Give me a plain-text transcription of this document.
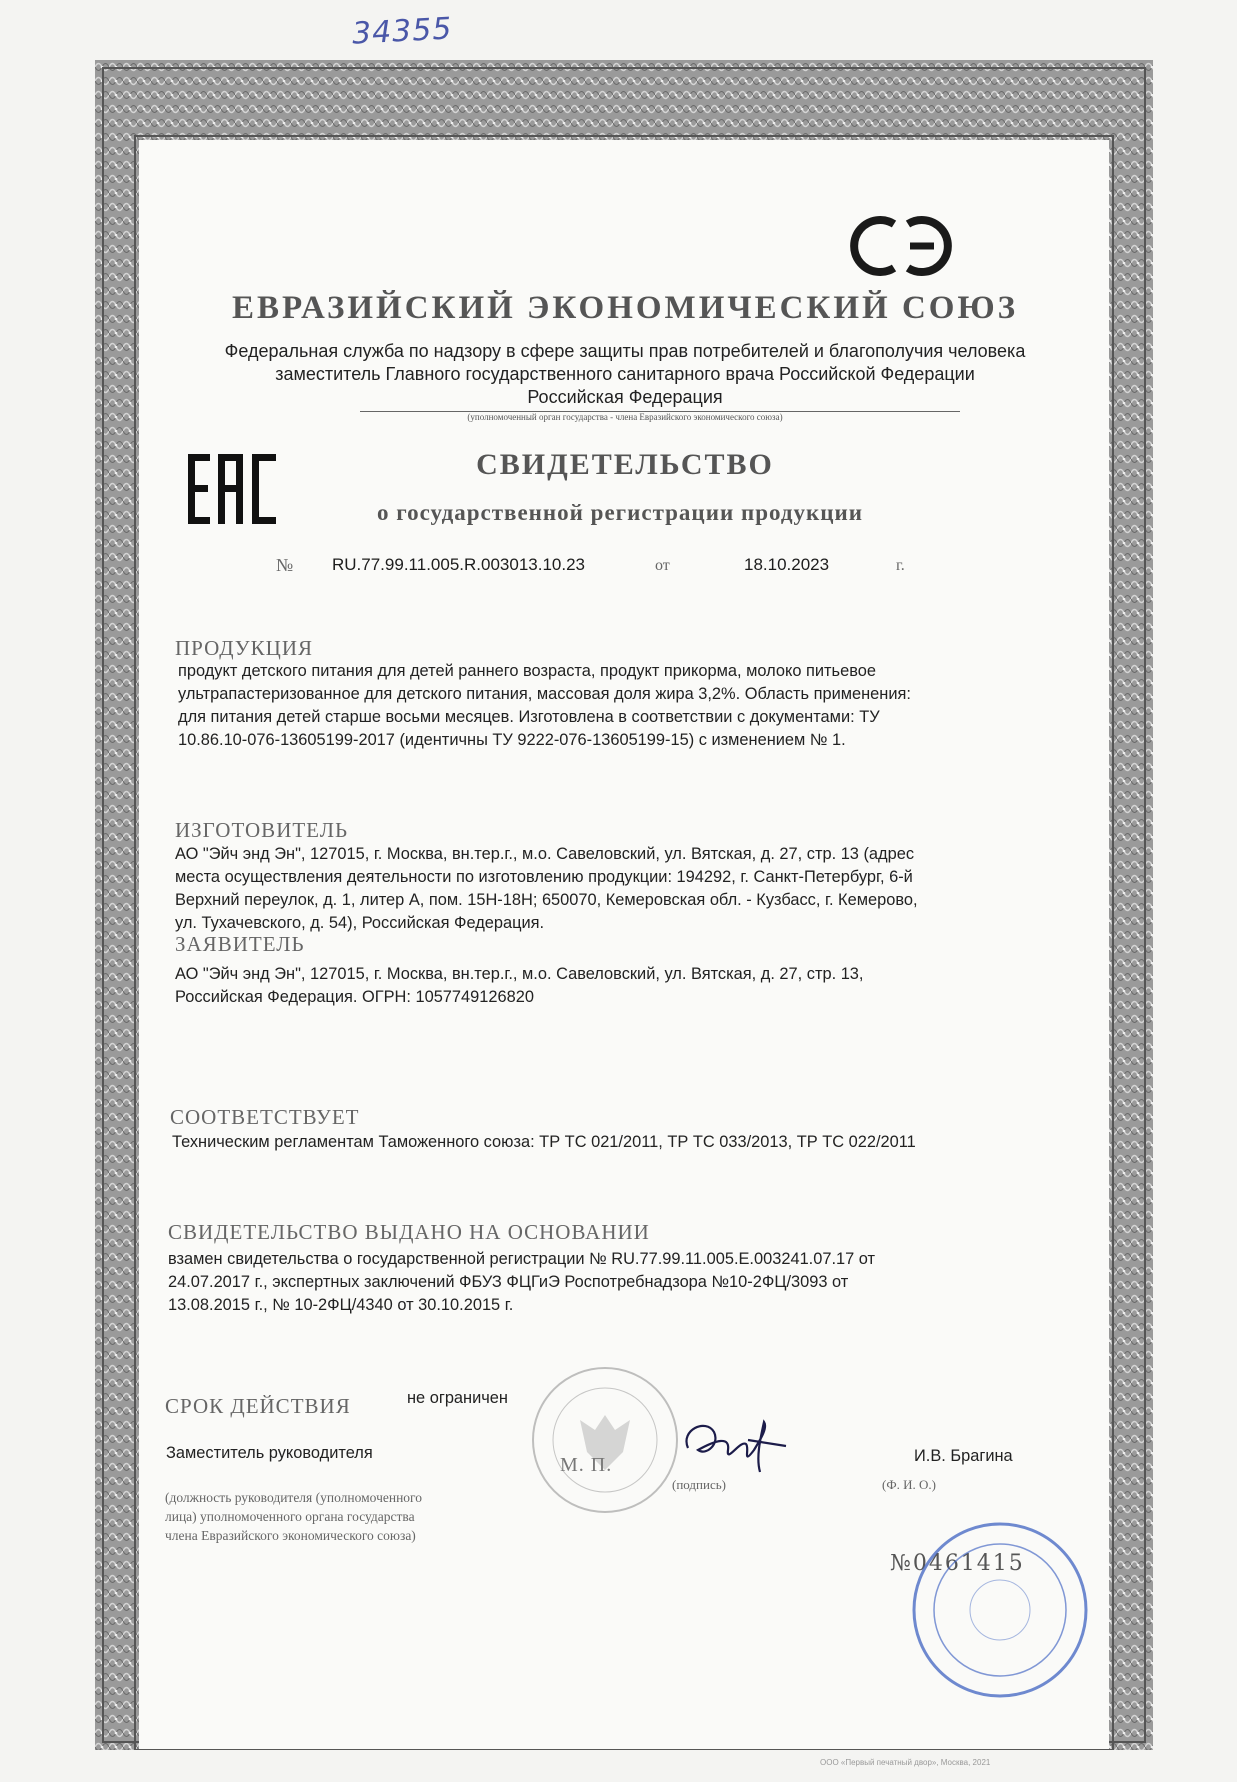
34355
ЕВРАЗИЙСКИЙ ЭКОНОМИЧЕСКИЙ СОЮЗ
Федеральная служба по надзору в сфере защиты прав потребителей и благополучия человека
заместитель Главного государственного санитарного врача Российской Федерации
Российская Федерация
(уполномоченный орган государства - члена Евразийского экономического союза)
СВИДЕТЕЛЬСТВО
о государственной регистрации продукции
№ RU.77.99.11.005.R.003013.10.23	от	18.10.2023	г.
ПРОДУКЦИЯ
продукт детского питания для детей раннего возраста, продукт прикорма, молоко питьевое
ультрапастеризованное для детского питания, массовая доля жира 3,2%. Область применения:
для питания детей старше восьми месяцев. Изготовлена в соответствии с документами: ТУ
10.86.10-076-13605199-2017 (идентичны ТУ 9222-076-13605199-15) с изменением № 1.
ИЗГОТОВИТЕЛЬ
АО "Эйч энд Эн", 127015, г. Москва, вн.тер.г., м.о. Савеловский, ул. Вятская, д. 27, стр. 13 (адрес
места осуществления деятельности по изготовлению продукции: 194292, г. Санкт-Петербург, 6-й
Верхний переулок, д. 1, литер А, пом. 15Н-18Н; 650070, Кемеровская обл. - Кузбасс, г. Кемерово,
ул. Тухачевского, д. 54), Российская Федерация.
ЗАЯВИТЕЛЬ
АО "Эйч энд Эн", 127015, г. Москва, вн.тер.г., м.о. Савеловский, ул. Вятская, д. 27, стр. 13,
Российская Федерация. ОГРН: 1057749126820
СООТВЕТСТВУЕТ
Техническим регламентам Таможенного союза: ТР ТС 021/2011, ТР ТС 033/2013, ТР ТС 022/2011
СВИДЕТЕЛЬСТВО ВЫДАНО НА ОСНОВАНИИ
взамен свидетельства о государственной регистрации № RU.77.99.11.005.Е.003241.07.17 от
24.07.2017 г., экспертных заключений ФБУЗ ФЦГиЭ Роспотребнадзора №10-2ФЦ/3093 от
13.08.2015 г., № 10-2ФЦ/4340 от 30.10.2015 г.
СРОК ДЕЙСТВИЯ	не ограничен
Заместитель руководителя
М. П.	И.В. Брагина
(подпись)	(Ф. И. О.)
(должность руководителя (уполномоченного
лица) уполномоченного органа государства
члена Евразийского экономического союза)
№0461415
ООО «Первый печатный двор», Москва, 2021
